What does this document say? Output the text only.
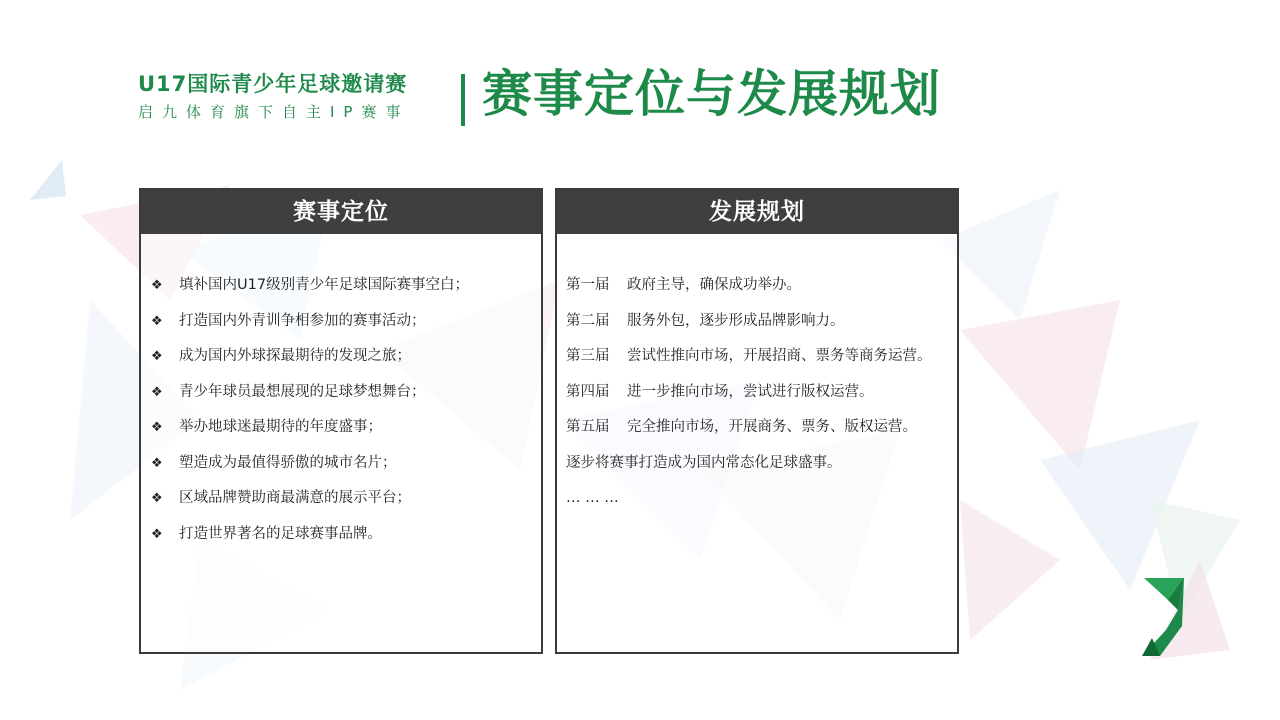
U17国际青少年足球邀请赛
启九体育旗下自主IP赛事 赛事定位与发展规划
赛事定位
❖ 填补国内U17级别青少年足球国际赛事空白；
❖ 打造国内外青训争相参加的赛事活动；
❖ 成为国内外球探最期待的发现之旅；
❖ 青少年球员最想展现的足球梦想舞台；
❖ 举办地球迷最期待的年度盛事；
❖ 塑造成为最值得骄傲的城市名片；
❖ 区域品牌赞助商最满意的展示平台；
❖ 打造世界著名的足球赛事品牌。
发展规划
第一届 政府主导，确保成功举办。
第二届 服务外包，逐步形成品牌影响力。
第三届 尝试性推向市场，开展招商、票务等商务运营。
第四届 进一步推向市场，尝试进行版权运营。
第五届 完全推向市场，开展商务、票务、版权运营。
逐步将赛事打造成为国内常态化足球盛事。
… … …
